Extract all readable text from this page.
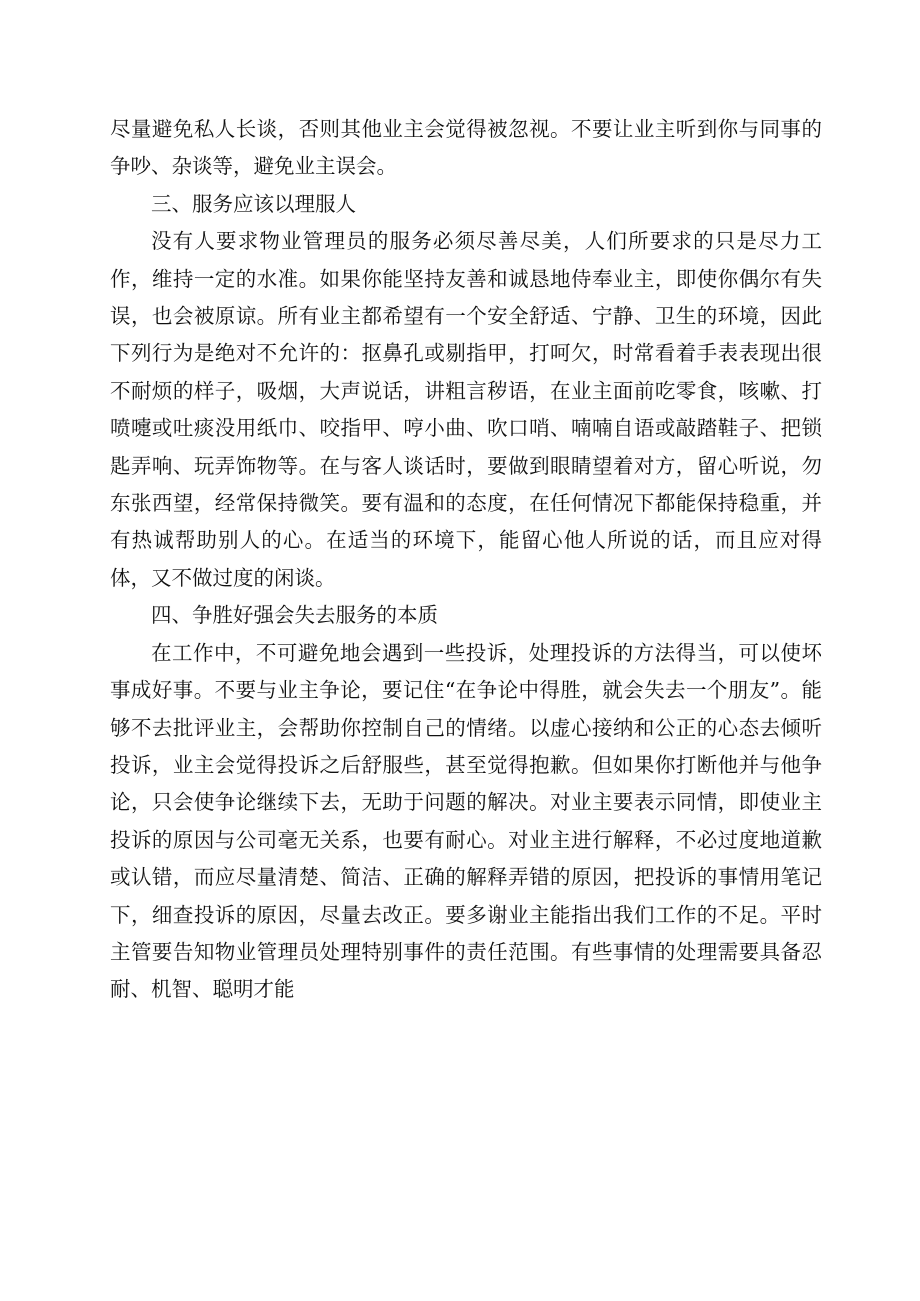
尽量避免私人长谈，否则其他业主会觉得被忽视。不要让业主听到你与同事的争吵、杂谈等，避免业主误会。

三、服务应该以理服人

没有人要求物业管理员的服务必须尽善尽美，人们所要求的只是尽力工作，维持一定的水准。如果你能坚持友善和诚恳地侍奉业主，即使你偶尔有失误，也会被原谅。所有业主都希望有一个安全舒适、宁静、卫生的环境，因此下列行为是绝对不允许的：抠鼻孔或剔指甲，打呵欠，时常看着手表表现出很不耐烦的样子，吸烟，大声说话，讲粗言秽语，在业主面前吃零食，咳嗽、打喷嚏或吐痰没用纸巾、咬指甲、哼小曲、吹口哨、喃喃自语或敲踏鞋子、把锁匙弄响、玩弄饰物等。在与客人谈话时，要做到眼睛望着对方，留心听说，勿东张西望，经常保持微笑。要有温和的态度，在任何情况下都能保持稳重，并有热诚帮助别人的心。在适当的环境下，能留心他人所说的话，而且应对得体，又不做过度的闲谈。

四、争胜好强会失去服务的本质

在工作中，不可避免地会遇到一些投诉，处理投诉的方法得当，可以使坏事成好事。不要与业主争论，要记住“在争论中得胜，就会失去一个朋友”。能够不去批评业主，会帮助你控制自己的情绪。以虚心接纳和公正的心态去倾听投诉，业主会觉得投诉之后舒服些，甚至觉得抱歉。但如果你打断他并与他争论，只会使争论继续下去，无助于问题的解决。对业主要表示同情，即使业主投诉的原因与公司毫无关系，也要有耐心。对业主进行解释，不必过度地道歉或认错，而应尽量清楚、简洁、正确的解释弄错的原因，把投诉的事情用笔记下，细查投诉的原因，尽量去改正。要多谢业主能指出我们工作的不足。平时主管要告知物业管理员处理特别事件的责任范围。有些事情的处理需要具备忍耐、机智、聪明才能
